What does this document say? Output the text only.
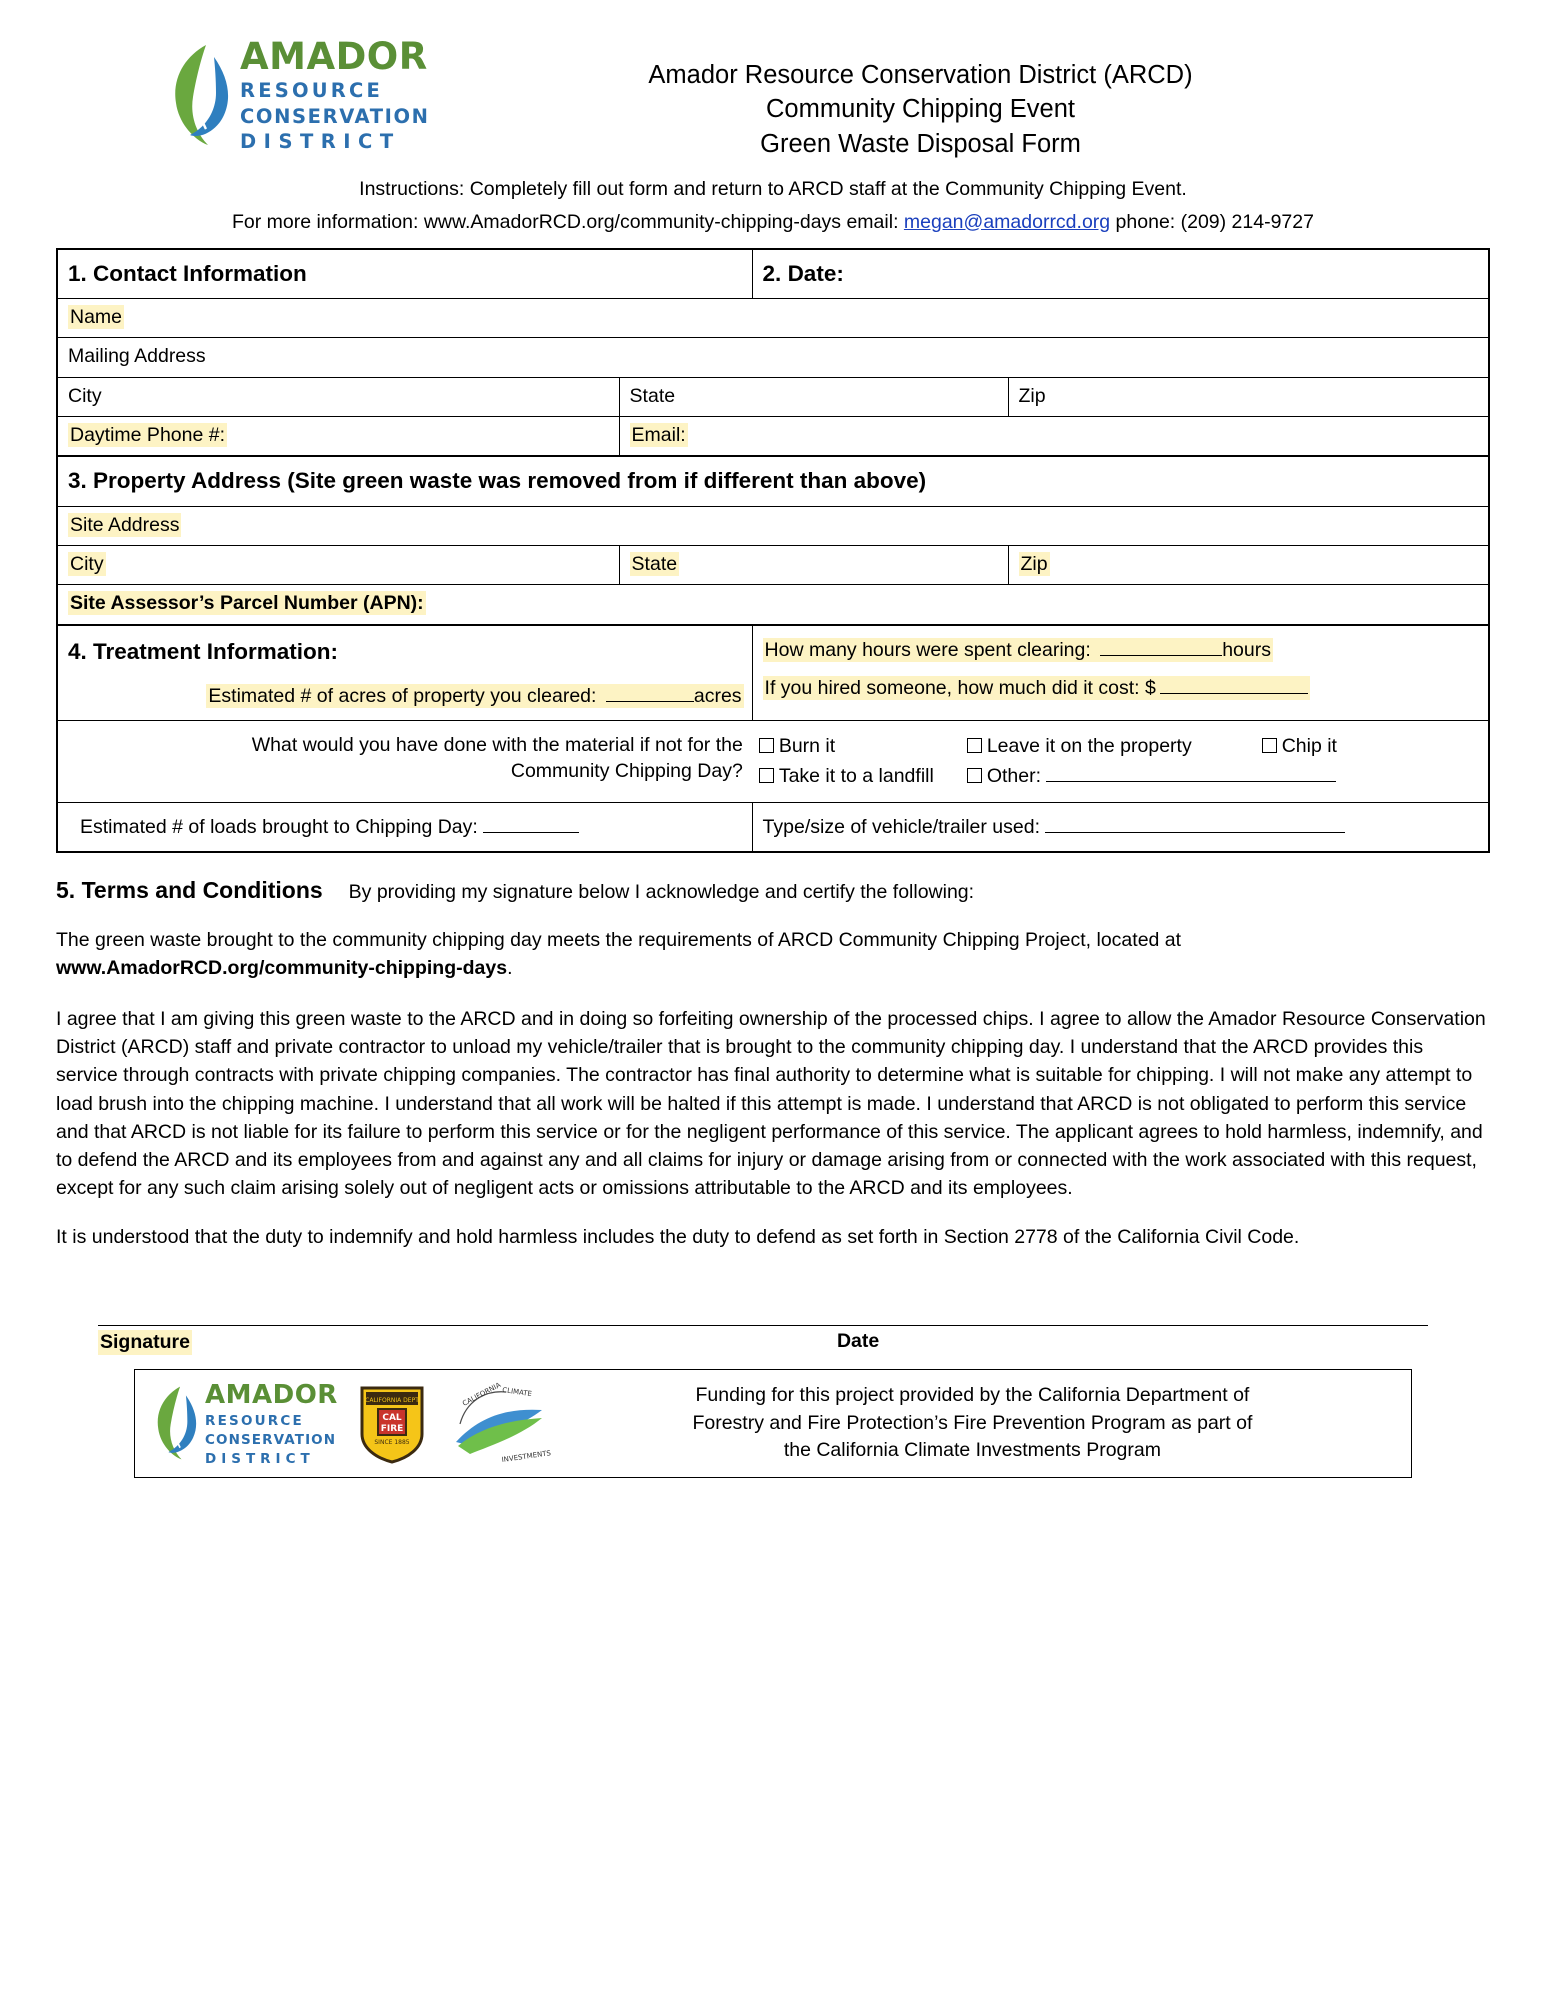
AMADOR
RESOURCE
CONSERVATION
DISTRICT
Amador Resource Conservation District (ARCD)
Community Chipping Event
Green Waste Disposal Form
Instructions: Completely fill out form and return to ARCD staff at the Community Chipping Event.
For more information: www.AmadorRCD.org/community-chipping-days email: megan@amadorrcd.org phone: (209) 214-9727
1. Contact Information	2. Date:
Name
Mailing Address
City	State	Zip
Daytime Phone #:	Email:
3. Property Address (Site green waste was removed from if different than above)
Site Address
City	State	Zip
Site Assessor’s Parcel Number (APN):
4. Treatment Information:
Estimated # of acres of property you cleared:	acres
How many hours were spent clearing:	hours
If you hired someone, how much did it cost: $
What would you have done with the material if not for the
Community Chipping Day?
Burn it	Leave it on the property	Chip it
Take it to a landfill	Other:
Estimated # of loads brought to Chipping Day:	Type/size of vehicle/trailer used:
5. Terms and Conditions By providing my signature below I acknowledge and certify the following:
The green waste brought to the community chipping day meets the requirements of ARCD Community Chipping Project, located at www.AmadorRCD.org/community-chipping-days.
I agree that I am giving this green waste to the ARCD and in doing so forfeiting ownership of the processed chips. I agree to allow the Amador Resource Conservation District (ARCD) staff and private contractor to unload my vehicle/trailer that is brought to the community chipping day. I understand that the ARCD provides this service through contracts with private chipping companies. The contractor has final authority to determine what is suitable for chipping. I will not make any attempt to load brush into the chipping machine. I understand that all work will be halted if this attempt is made. I understand that ARCD is not obligated to perform this service and that ARCD is not liable for its failure to perform this service or for the negligent performance of this service. The applicant agrees to hold harmless, indemnify, and to defend the ARCD and its employees from and against any and all claims for injury or damage arising from or connected with the work associated with this request, except for any such claim arising solely out of negligent acts or omissions attributable to the ARCD and its employees.
It is understood that the duty to indemnify and hold harmless includes the duty to defend as set forth in Section 2778 of the California Civil Code.
Signature	Date
AMADOR
RESOURCE
CONSERVATION
DISTRICT
CALIFORNIA DEPT
CAL
FIRE
SINCE 1885
CALIFORNIA CLIMATE
INVESTMENTS
Funding for this project provided by the California Department of
Forestry and Fire Protection’s Fire Prevention Program as part of
the California Climate Investments Program
